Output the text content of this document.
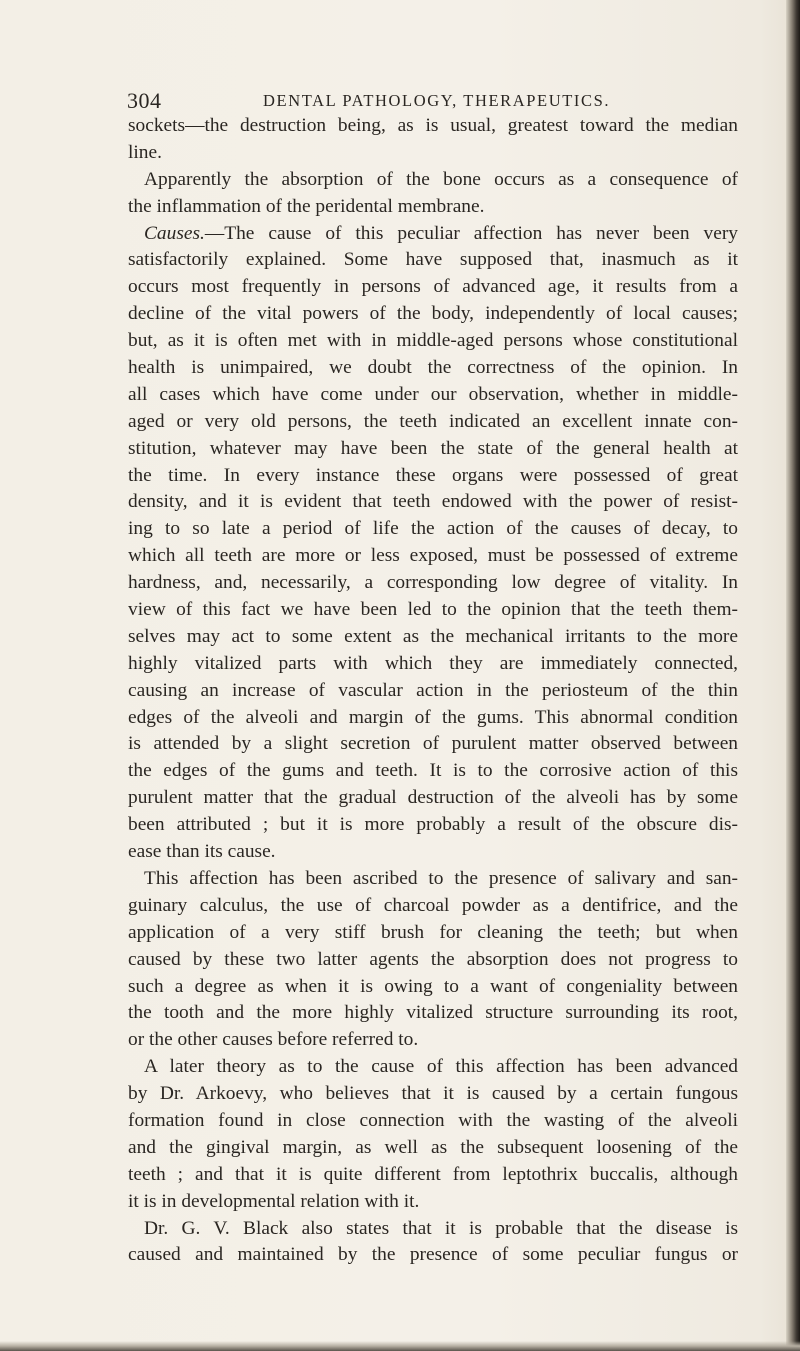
304	DENTAL PATHOLOGY, THERAPEUTICS.
sockets—the destruction being, as is usual, greatest toward the median
line.
Apparently the absorption of the bone occurs as a consequence of
the inflammation of the peridental membrane.
Causes.—The cause of this peculiar affection has never been very
satisfactorily explained. Some have supposed that, inasmuch as it
occurs most frequently in persons of advanced age, it results from a
decline of the vital powers of the body, independently of local causes;
but, as it is often met with in middle-aged persons whose constitutional
health is unimpaired, we doubt the correctness of the opinion. In
all cases which have come under our observation, whether in middle-
aged or very old persons, the teeth indicated an excellent innate con-
stitution, whatever may have been the state of the general health at
the time. In every instance these organs were possessed of great
density, and it is evident that teeth endowed with the power of resist-
ing to so late a period of life the action of the causes of decay, to
which all teeth are more or less exposed, must be possessed of extreme
hardness, and, necessarily, a corresponding low degree of vitality. In
view of this fact we have been led to the opinion that the teeth them-
selves may act to some extent as the mechanical irritants to the more
highly vitalized parts with which they are immediately connected,
causing an increase of vascular action in the periosteum of the thin
edges of the alveoli and margin of the gums. This abnormal condition
is attended by a slight secretion of purulent matter observed between
the edges of the gums and teeth. It is to the corrosive action of this
purulent matter that the gradual destruction of the alveoli has by some
been attributed ; but it is more probably a result of the obscure dis-
ease than its cause.
This affection has been ascribed to the presence of salivary and san-
guinary calculus, the use of charcoal powder as a dentifrice, and the
application of a very stiff brush for cleaning the teeth; but when
caused by these two latter agents the absorption does not progress to
such a degree as when it is owing to a want of congeniality between
the tooth and the more highly vitalized structure surrounding its root,
or the other causes before referred to.
A later theory as to the cause of this affection has been advanced
by Dr. Arkoevy, who believes that it is caused by a certain fungous
formation found in close connection with the wasting of the alveoli
and the gingival margin, as well as the subsequent loosening of the
teeth ; and that it is quite different from leptothrix buccalis, although
it is in developmental relation with it.
Dr. G. V. Black also states that it is probable that the disease is
caused and maintained by the presence of some peculiar fungus or
